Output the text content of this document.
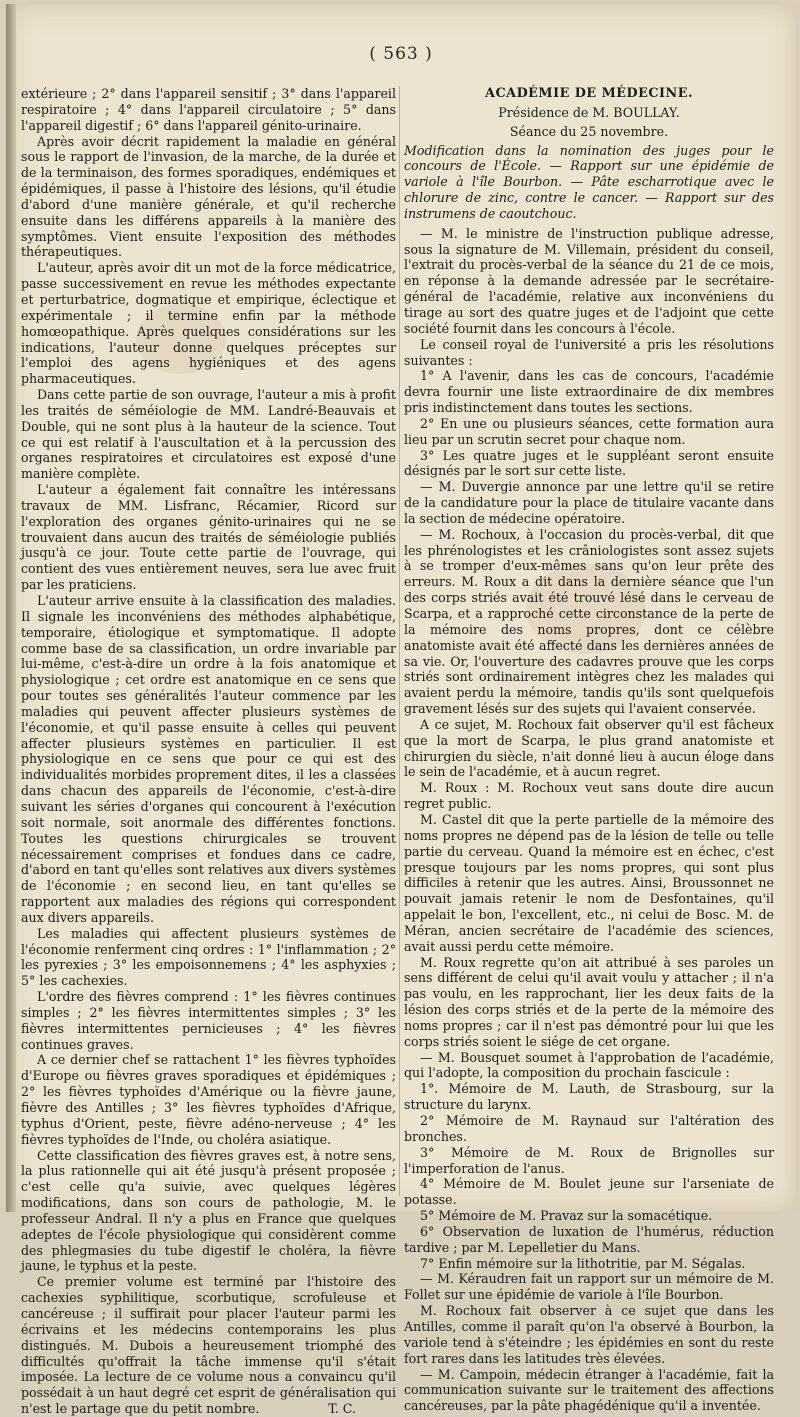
( 563 )

extérieure ; 2° dans l'appareil sensitif ; 3° dans l'appareil respiratoire ; 4° dans l'appareil circulatoire ; 5° dans l'appareil digestif ; 6° dans l'appareil génito-urinaire.

Après avoir décrit rapidement la maladie en général sous le rapport de l'invasion, de la marche, de la durée et de la terminaison, des formes sporadiques, endémiques et épidémiques, il passe à l'histoire des lésions, qu'il étudie d'abord d'une manière générale, et qu'il recherche ensuite dans les différens appareils à la manière des symptômes. Vient ensuite l'exposition des méthodes thérapeutiques.

L'auteur, après avoir dit un mot de la force médicatrice, passe successivement en revue les méthodes expectante et perturbatrice, dogmatique et empirique, éclectique et expérimentale ; il termine enfin par la méthode homœopathique. Après quelques considérations sur les indications, l'auteur donne quelques préceptes sur l'emploi des agens hygiéniques et des agens pharmaceutiques.

Dans cette partie de son ouvrage, l'auteur a mis à profit les traités de séméiologie de MM. Landré-Beauvais et Double, qui ne sont plus à la hauteur de la science. Tout ce qui est relatif à l'auscultation et à la percussion des organes respiratoires et circulatoires est exposé d'une manière complète.

L'auteur a également fait connaître les intéressans travaux de MM. Lisfranc, Récamier, Ricord sur l'exploration des organes génito-urinaires qui ne se trouvaient dans aucun des traités de séméiologie publiés jusqu'à ce jour. Toute cette partie de l'ouvrage, qui contient des vues entièrement neuves, sera lue avec fruit par les praticiens.

L'auteur arrive ensuite à la classification des maladies. Il signale les inconvéniens des méthodes alphabétique, temporaire, étiologique et symptomatique. Il adopte comme base de sa classification, un ordre invariable par lui-même, c'est-à-dire un ordre à la fois anatomique et physiologique ; cet ordre est anatomique en ce sens que pour toutes ses généralités l'auteur commence par les maladies qui peuvent affecter plusieurs systèmes de l'économie, et qu'il passe ensuite à celles qui peuvent affecter plusieurs systèmes en particulier. Il est physiologique en ce sens que pour ce qui est des individualités morbides proprement dites, il les a classées dans chacun des appareils de l'économie, c'est-à-dire suivant les séries d'organes qui concourent à l'exécution soit normale, soit anormale des différentes fonctions. Toutes les questions chirurgicales se trouvent nécessairement comprises et fondues dans ce cadre, d'abord en tant qu'elles sont relatives aux divers systèmes de l'économie ; en second lieu, en tant qu'elles se rapportent aux maladies des régions qui correspondent aux divers appareils.

Les maladies qui affectent plusieurs systèmes de l'économie renferment cinq ordres : 1° l'inflammation ; 2° les pyrexies ; 3° les empoisonnemens ; 4° les asphyxies ; 5° les cachexies.

L'ordre des fièvres comprend : 1° les fièvres continues simples ; 2° les fièvres intermittentes simples ; 3° les fièvres intermittentes pernicieuses ; 4° les fièvres continues graves.

A ce dernier chef se rattachent 1° les fièvres typhoïdes d'Europe ou fièvres graves sporadiques et épidémiques ; 2° les fièvres typhoïdes d'Amérique ou la fièvre jaune, fièvre des Antilles ; 3° les fièvres typhoïdes d'Afrique, typhus d'Orient, peste, fièvre adéno-nerveuse ; 4° les fièvres typhoïdes de l'Inde, ou choléra asiatique.

Cette classification des fièvres graves est, à notre sens, la plus rationnelle qui ait été jusqu'à présent proposée ; c'est celle qu'a suivie, avec quelques légères modifications, dans son cours de pathologie, M. le professeur Andral. Il n'y a plus en France que quelques adeptes de l'école physiologique qui considèrent comme des phlegmasies du tube digestif le choléra, la fièvre jaune, le typhus et la peste.

Ce premier volume est terminé par l'histoire des cachexies syphilitique, scorbutique, scrofuleuse et cancéreuse ; il suffirait pour placer l'auteur parmi les écrivains et les médecins contemporains les plus distingués. M. Dubois a heureusement triomphé des difficultés qu'offrait la tâche immense qu'il s'était imposée. La lecture de ce volume nous a convaincu qu'il possédait à un haut degré cet esprit de généralisation qui n'est le partage que du petit nombre.	T. C.
ACADÉMIE DE MÉDECINE.
Présidence de M. BOULLAY.
Séance du 25 novembre.

Modification dans la nomination des juges pour le concours de l'École. — Rapport sur une épidémie de variole à l'île Bourbon. — Pâte escharrotique avec le chlorure de zinc, contre le cancer. — Rapport sur des instrumens de caoutchouc.

— M. le ministre de l'instruction publique adresse, sous la signature de M. Villemain, président du conseil, l'extrait du procès-verbal de la séance du 21 de ce mois, en réponse à la demande adressée par le secrétaire-général de l'académie, relative aux inconvéniens du tirage au sort des quatre juges et de l'adjoint que cette société fournit dans les concours à l'école.

Le conseil royal de l'université a pris les résolutions suivantes :

1° A l'avenir, dans les cas de concours, l'académie devra fournir une liste extraordinaire de dix membres pris indistinctement dans toutes les sections.

2° En une ou plusieurs séances, cette formation aura lieu par un scrutin secret pour chaque nom.

3° Les quatre juges et le suppléant seront ensuite désignés par le sort sur cette liste.

— M. Duvergie annonce par une lettre qu'il se retire de la candidature pour la place de titulaire vacante dans la section de médecine opératoire.

— M. Rochoux, à l'occasion du procès-verbal, dit que les phrénologistes et les crâniologistes sont assez sujets à se tromper d'eux-mêmes sans qu'on leur prête des erreurs. M. Roux a dit dans la dernière séance que l'un des corps striés avait été trouvé lésé dans le cerveau de Scarpa, et a rapproché cette circonstance de la perte de la mémoire des noms propres, dont ce célèbre anatomiste avait été affecté dans les dernières années de sa vie. Or, l'ouverture des cadavres prouve que les corps striés sont ordinairement intègres chez les malades qui avaient perdu la mémoire, tandis qu'ils sont quelquefois gravement lésés sur des sujets qui l'avaient conservée.

A ce sujet, M. Rochoux fait observer qu'il est fâcheux que la mort de Scarpa, le plus grand anatomiste et chirurgien du siècle, n'ait donné lieu à aucun éloge dans le sein de l'académie, et à aucun regret.

M. Roux : M. Rochoux veut sans doute dire aucun regret public.

M. Castel dit que la perte partielle de la mémoire des noms propres ne dépend pas de la lésion de telle ou telle partie du cerveau. Quand la mémoire est en échec, c'est presque toujours par les noms propres, qui sont plus difficiles à retenir que les autres. Ainsi, Broussonnet ne pouvait jamais retenir le nom de Desfontaines, qu'il appelait le bon, l'excellent, etc., ni celui de Bosc. M. de Méran, ancien secrétaire de l'académie des sciences, avait aussi perdu cette mémoire.

M. Roux regrette qu'on ait attribué à ses paroles un sens différent de celui qu'il avait voulu y attacher ; il n'a pas voulu, en les rapprochant, lier les deux faits de la lésion des corps striés et de la perte de la mémoire des noms propres ; car il n'est pas démontré pour lui que les corps striés soient le siége de cet organe.

— M. Bousquet soumet à l'approbation de l'académie, qui l'adopte, la composition du prochain fascicule :

1°. Mémoire de M. Lauth, de Strasbourg, sur la structure du larynx.

2° Mémoire de M. Raynaud sur l'altération des bronches.

3° Mémoire de M. Roux de Brignolles sur l'imperforation de l'anus.

4° Mémoire de M. Boulet jeune sur l'arseniate de potasse.

5° Mémoire de M. Pravaz sur la somacétique.

6° Observation de luxation de l'humérus, réduction tardive ; par M. Lepelletier du Mans.

7° Enfin mémoire sur la lithotritie, par M. Ségalas.

— M. Kéraudren fait un rapport sur un mémoire de M. Follet sur une épidémie de variole à l'île Bourbon.

M. Rochoux fait observer à ce sujet que dans les Antilles, comme il paraît qu'on l'a observé à Bourbon, la variole tend à s'éteindre ; les épidémies en sont du reste fort rares dans les latitudes très élevées.

— M. Campoin, médecin étranger à l'académie, fait la communication suivante sur le traitement des affections cancéreuses, par la pâte phagédénique qu'il a inventée.
